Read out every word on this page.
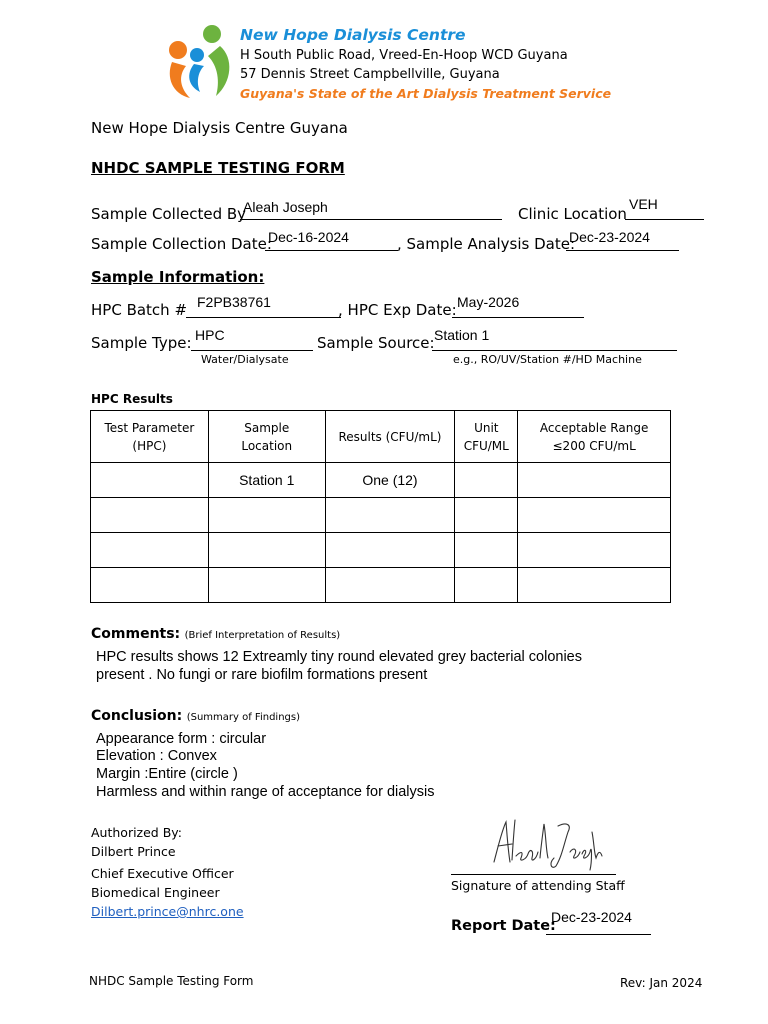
New Hope Dialysis Centre
H South Public Road, Vreed-En-Hoop WCD Guyana
57 Dennis Street Campbellville, Guyana
Guyana's State of the Art Dialysis Treatment Service
New Hope Dialysis Centre Guyana
NHDC SAMPLE TESTING FORM
Sample Collected By
Aleah Joseph	Clinic Location
VEH
Sample Collection Date:
Dec-16-2024	, Sample Analysis Date:
Dec-23-2024
Sample Information:
HPC Batch # F2PB38761	, HPC Exp Date: May-2026
Sample Type: HPC
Water/Dialysate
Sample Source: Station 1
e.g., RO/UV/Station #/HD Machine
HPC Results
Test Parameter (HPC)	Sample Location	Results (CFU/mL)	Unit CFU/ML	Acceptable Range ≤200 CFU/mL
	Station 1	One (12)		

Comments: (Brief Interpretation of Results)
HPC results shows 12 Extreamly tiny round elevated grey bacterial colonies
present . No fungi or rare biofilm formations present
Conclusion: (Summary of Findings)
Appearance form : circular
Elevation : Convex
Margin :Entire (circle )
Harmless and within range of acceptance for dialysis
Authorized By:
Dilbert Prince
Chief Executive Officer
Biomedical Engineer
Dilbert.prince@nhrc.one
Signature of attending Staff
Report Date:
Dec-23-2024
NHDC Sample Testing Form	Rev: Jan 2024
